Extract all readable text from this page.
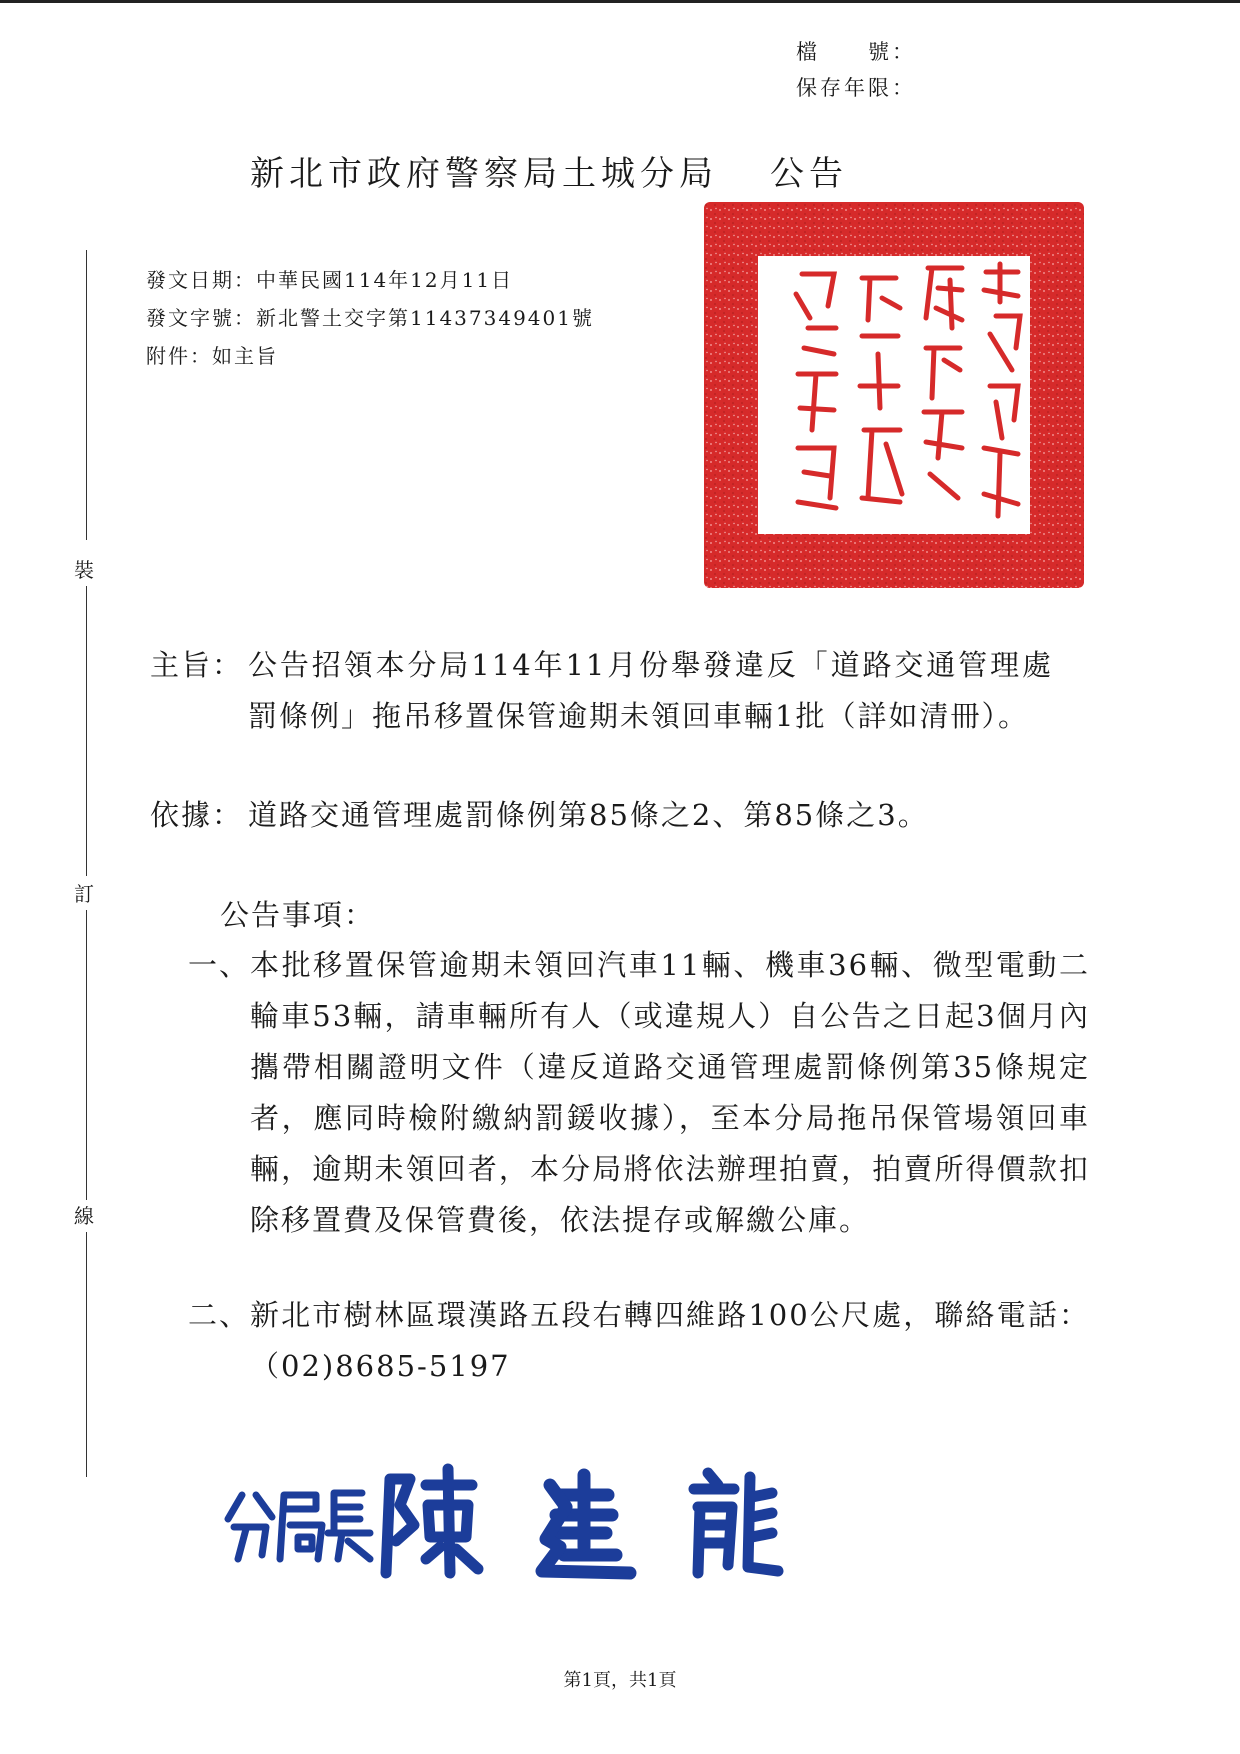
檔　　號：
保存年限：
新北市政府警察局土城分局 公告
發文日期：中華民國114年12月11日
發文字號：新北警土交字第11437349401號
附件：如主旨
裝
訂
線
新北市政府警察局土城分局
主旨： 公告招領本分局114年11月份舉發違反「道路交通管理處罰條例」拖吊移置保管逾期未領回車輛1批（詳如清冊）。
依據： 道路交通管理處罰條例第85條之2、第85條之3。
公告事項：
一、 本批移置保管逾期未領回汽車11輛、機車36輛、微型電動二輪車53輛，請車輛所有人（或違規人）自公告之日起3個月內攜帶相關證明文件（違反道路交通管理處罰條例第35條規定者，應同時檢附繳納罰鍰收據），至本分局拖吊保管場領回車輛，逾期未領回者，本分局將依法辦理拍賣，拍賣所得價款扣除移置費及保管費後，依法提存或解繳公庫。
二、 新北市樹林區環漢路五段右轉四維路100公尺處，聯絡電話：（02)8685-5197
分局長陳　建　龍
第1頁，共1頁
